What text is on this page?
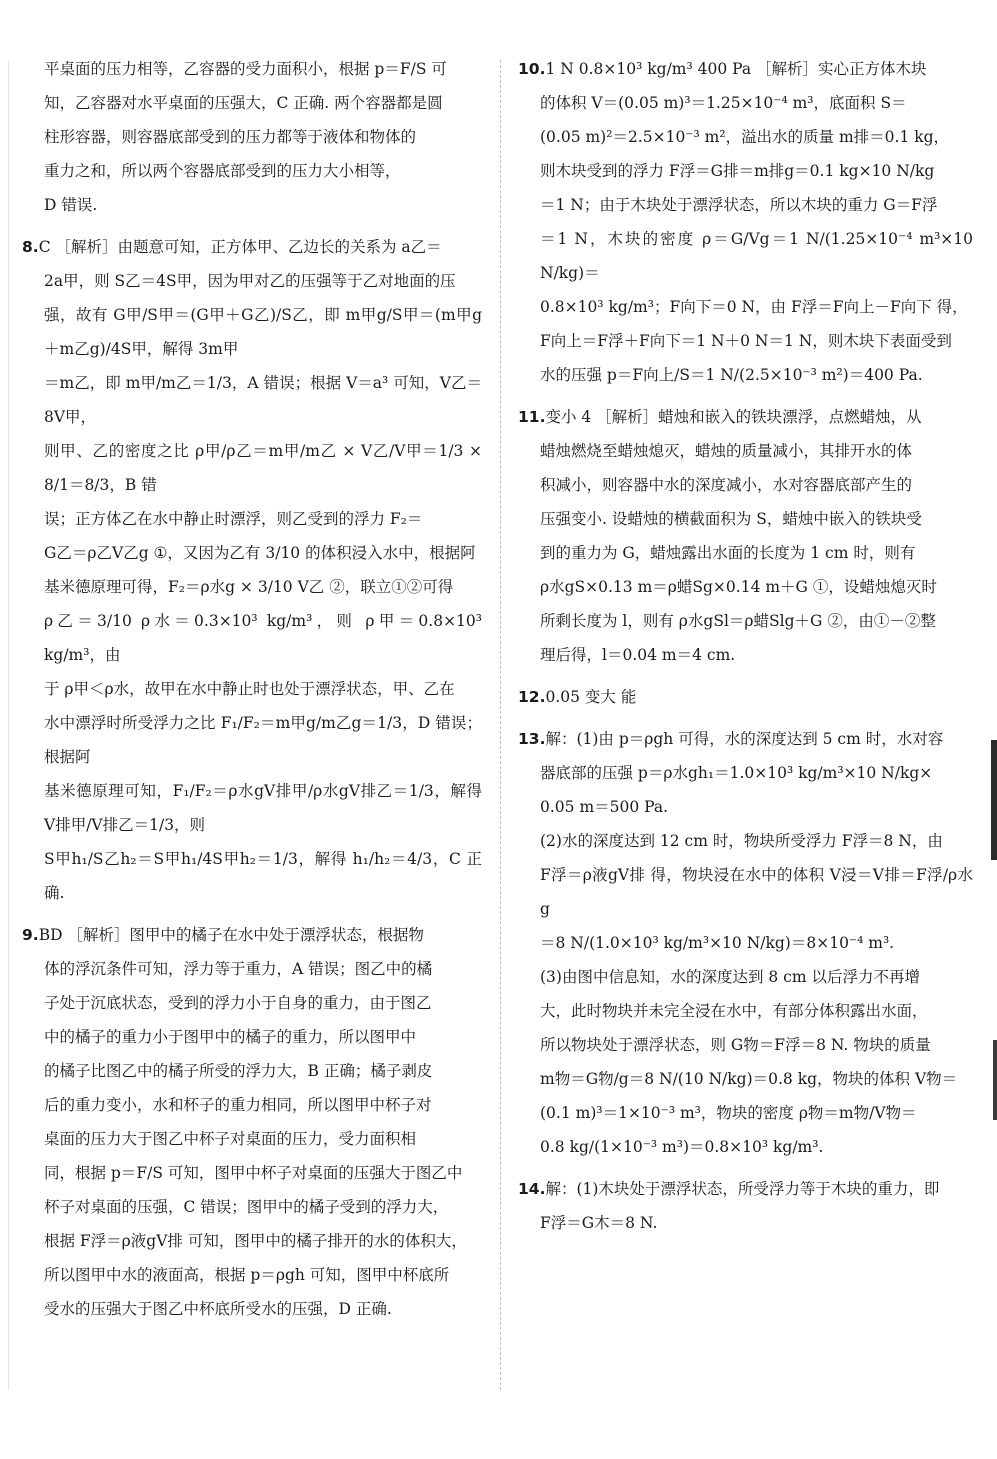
平桌面的压力相等，乙容器的受力面积小，根据 p＝F/S 可
知，乙容器对水平桌面的压强大，C 正确. 两个容器都是圆
柱形容器，则容器底部受到的压力都等于液体和物体的
重力之和，所以两个容器底部受到的压力大小相等，
D 错误.
8.C ［解析］由题意可知，正方体甲、乙边长的关系为 a乙＝
2a甲，则 S乙＝4S甲，因为甲对乙的压强等于乙对地面的压
强，故有 G甲/S甲＝(G甲＋G乙)/S乙，即 m甲g/S甲＝(m甲g＋m乙g)/4S甲，解得 3m甲
＝m乙，即 m甲/m乙＝1/3，A 错误；根据 V＝a³ 可知，V乙＝8V甲，
则甲、乙的密度之比 ρ甲/ρ乙＝m甲/m乙 × V乙/V甲＝1/3 × 8/1＝8/3，B 错
误；正方体乙在水中静止时漂浮，则乙受到的浮力 F₂＝
G乙＝ρ乙V乙g ①，又因为乙有 3/10 的体积浸入水中，根据阿
基米德原理可得，F₂＝ρ水g × 3/10 V乙 ②，联立①②可得
ρ乙＝3/10 ρ水＝0.3×10³ kg/m³，则 ρ甲＝0.8×10³ kg/m³，由
于 ρ甲＜ρ水，故甲在水中静止时也处于漂浮状态，甲、乙在
水中漂浮时所受浮力之比 F₁/F₂＝m甲g/m乙g＝1/3，D 错误；根据阿
基米德原理可知，F₁/F₂＝ρ水gV排甲/ρ水gV排乙＝1/3，解得 V排甲/V排乙＝1/3，则
S甲h₁/S乙h₂＝S甲h₁/4S甲h₂＝1/3，解得 h₁/h₂＝4/3，C 正确.
9.BD ［解析］图甲中的橘子在水中处于漂浮状态，根据物
体的浮沉条件可知，浮力等于重力，A 错误；图乙中的橘
子处于沉底状态，受到的浮力小于自身的重力，由于图乙
中的橘子的重力小于图甲中的橘子的重力，所以图甲中
的橘子比图乙中的橘子所受的浮力大，B 正确；橘子剥皮
后的重力变小，水和杯子的重力相同，所以图甲中杯子对
桌面的压力大于图乙中杯子对桌面的压力，受力面积相
同，根据 p＝F/S 可知，图甲中杯子对桌面的压强大于图乙中
杯子对桌面的压强，C 错误；图甲中的橘子受到的浮力大，
根据 F浮＝ρ液gV排 可知，图甲中的橘子排开的水的体积大，
所以图甲中水的液面高，根据 p＝ρgh 可知，图甲中杯底所
受水的压强大于图乙中杯底所受水的压强，D 正确.
10.1 N 0.8×10³ kg/m³ 400 Pa ［解析］实心正方体木块
的体积 V＝(0.05 m)³＝1.25×10⁻⁴ m³，底面积 S＝
(0.05 m)²＝2.5×10⁻³ m²，溢出水的质量 m排＝0.1 kg，
则木块受到的浮力 F浮＝G排＝m排g＝0.1 kg×10 N/kg
＝1 N；由于木块处于漂浮状态，所以木块的重力 G＝F浮
＝1 N，木块的密度 ρ＝G/Vg＝1 N/(1.25×10⁻⁴ m³×10 N/kg)＝
0.8×10³ kg/m³；F向下＝0 N，由 F浮＝F向上－F向下 得，
F向上＝F浮＋F向下＝1 N＋0 N＝1 N，则木块下表面受到
水的压强 p＝F向上/S＝1 N/(2.5×10⁻³ m²)＝400 Pa.
11.变小 4 ［解析］蜡烛和嵌入的铁块漂浮，点燃蜡烛，从
蜡烛燃烧至蜡烛熄灭，蜡烛的质量减小，其排开水的体
积减小，则容器中水的深度减小，水对容器底部产生的
压强变小. 设蜡烛的横截面积为 S，蜡烛中嵌入的铁块受
到的重力为 G，蜡烛露出水面的长度为 1 cm 时，则有
ρ水gS×0.13 m＝ρ蜡Sg×0.14 m＋G ①，设蜡烛熄灭时
所剩长度为 l，则有 ρ水gSl＝ρ蜡Slg＋G ②，由①－②整
理后得，l＝0.04 m＝4 cm.
12.0.05 变大 能
13.解：(1)由 p＝ρgh 可得，水的深度达到 5 cm 时，水对容
器底部的压强 p＝ρ水gh₁＝1.0×10³ kg/m³×10 N/kg×
0.05 m＝500 Pa.
(2)水的深度达到 12 cm 时，物块所受浮力 F浮＝8 N，由
F浮＝ρ液gV排 得，物块浸在水中的体积 V浸＝V排＝F浮/ρ水g
＝8 N/(1.0×10³ kg/m³×10 N/kg)＝8×10⁻⁴ m³.
(3)由图中信息知，水的深度达到 8 cm 以后浮力不再增
大，此时物块并未完全浸在水中，有部分体积露出水面，
所以物块处于漂浮状态，则 G物＝F浮＝8 N. 物块的质量
m物＝G物/g＝8 N/(10 N/kg)＝0.8 kg，物块的体积 V物＝
(0.1 m)³＝1×10⁻³ m³，物块的密度 ρ物＝m物/V物＝
0.8 kg/(1×10⁻³ m³)＝0.8×10³ kg/m³.
14.解：(1)木块处于漂浮状态，所受浮力等于木块的重力，即
F浮＝G木＝8 N.
